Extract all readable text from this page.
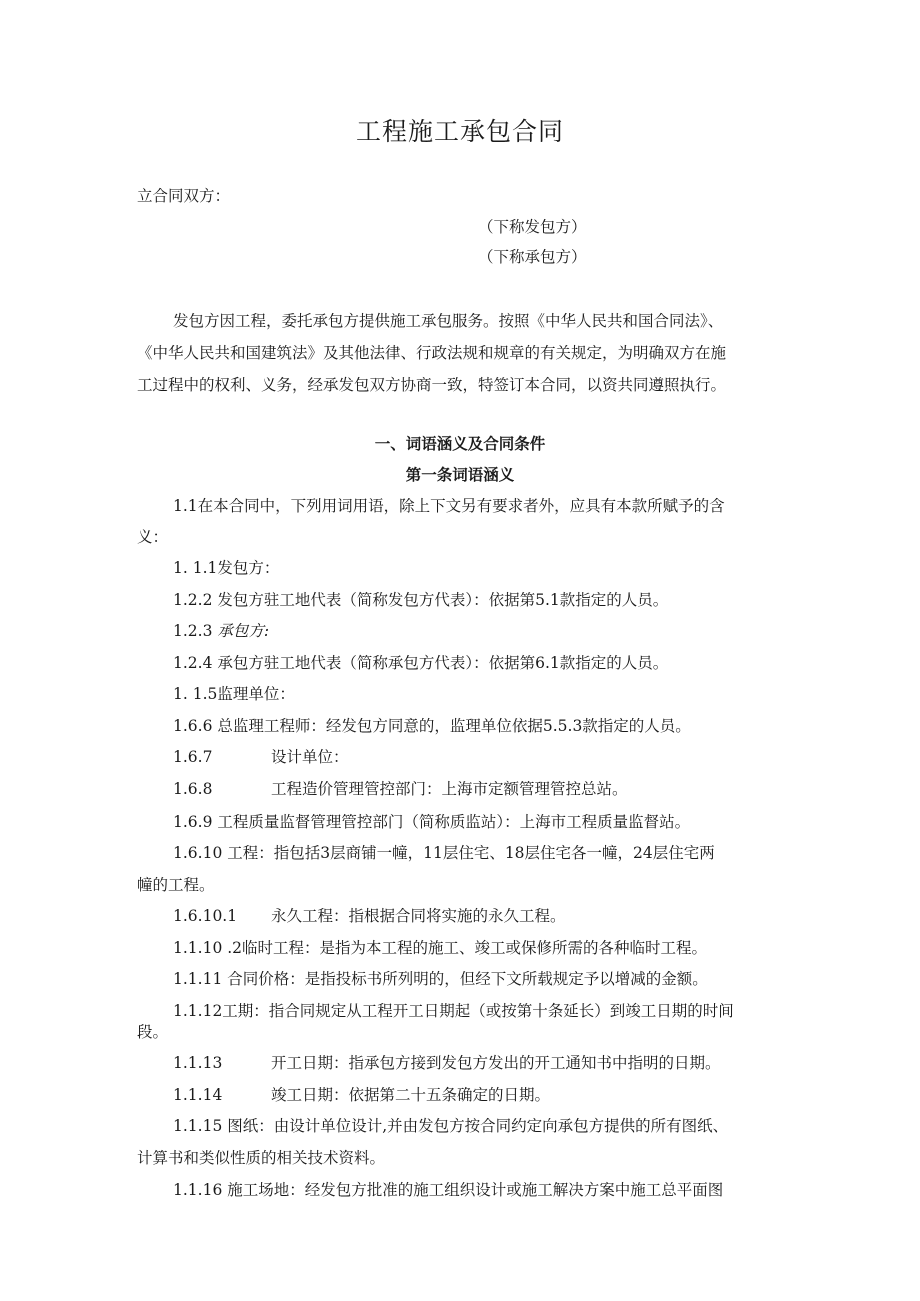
工程施工承包合同
立合同双方：
（下称发包方）
（下称承包方）
发包方因工程，委托承包方提供施工承包服务。按照《中华人民共和国合同法》、
《中华人民共和国建筑法》及其他法律、行政法规和规章的有关规定，为明确双方在施
工过程中的权利、义务，经承发包双方协商一致，特签订本合同，以资共同遵照执行。
一、词语涵义及合同条件
第一条词语涵义
1.1在本合同中，下列用词用语，除上下文另有要求者外，应具有本款所赋予的含
义：
1. 1.1发包方：
1.2.2 发包方驻工地代表（简称发包方代表）：依据第5.1款指定的人员。
1.2.3 承包方:
1.2.4 承包方驻工地代表（简称承包方代表）：依据第6.1款指定的人员。
1. 1.5监理单位：
1.6.6 总监理工程师：经发包方同意的，监理单位依据5.5.3款指定的人员。
1.6.7	设计单位：
1.6.8	工程造价管理管控部门：上海市定额管理管控总站。
1.6.9 工程质量监督管理管控部门（简称质监站）：上海市工程质量监督站。
1.6.10 工程：指包括3层商铺一幢，11层住宅、18层住宅各一幢，24层住宅两
幢的工程。
1.6.10.1 永久工程：指根据合同将实施的永久工程。
1.1.10 .2临时工程：是指为本工程的施工、竣工或保修所需的各种临时工程。
1.1.11 合同价格：是指投标书所列明的，但经下文所载规定予以增减的金额。
1.1.12工期：指合同规定从工程开工日期起（或按第十条延长）到竣工日期的时间
段。
1.1.13	开工日期：指承包方接到发包方发出的开工通知书中指明的日期。
1.1.14	竣工日期：依据第二十五条确定的日期。
1.1.15 图纸：由设计单位设计,并由发包方按合同约定向承包方提供的所有图纸、
计算书和类似性质的相关技术资料。
1.1.16 施工场地：经发包方批准的施工组织设计或施工解决方案中施工总平面图
